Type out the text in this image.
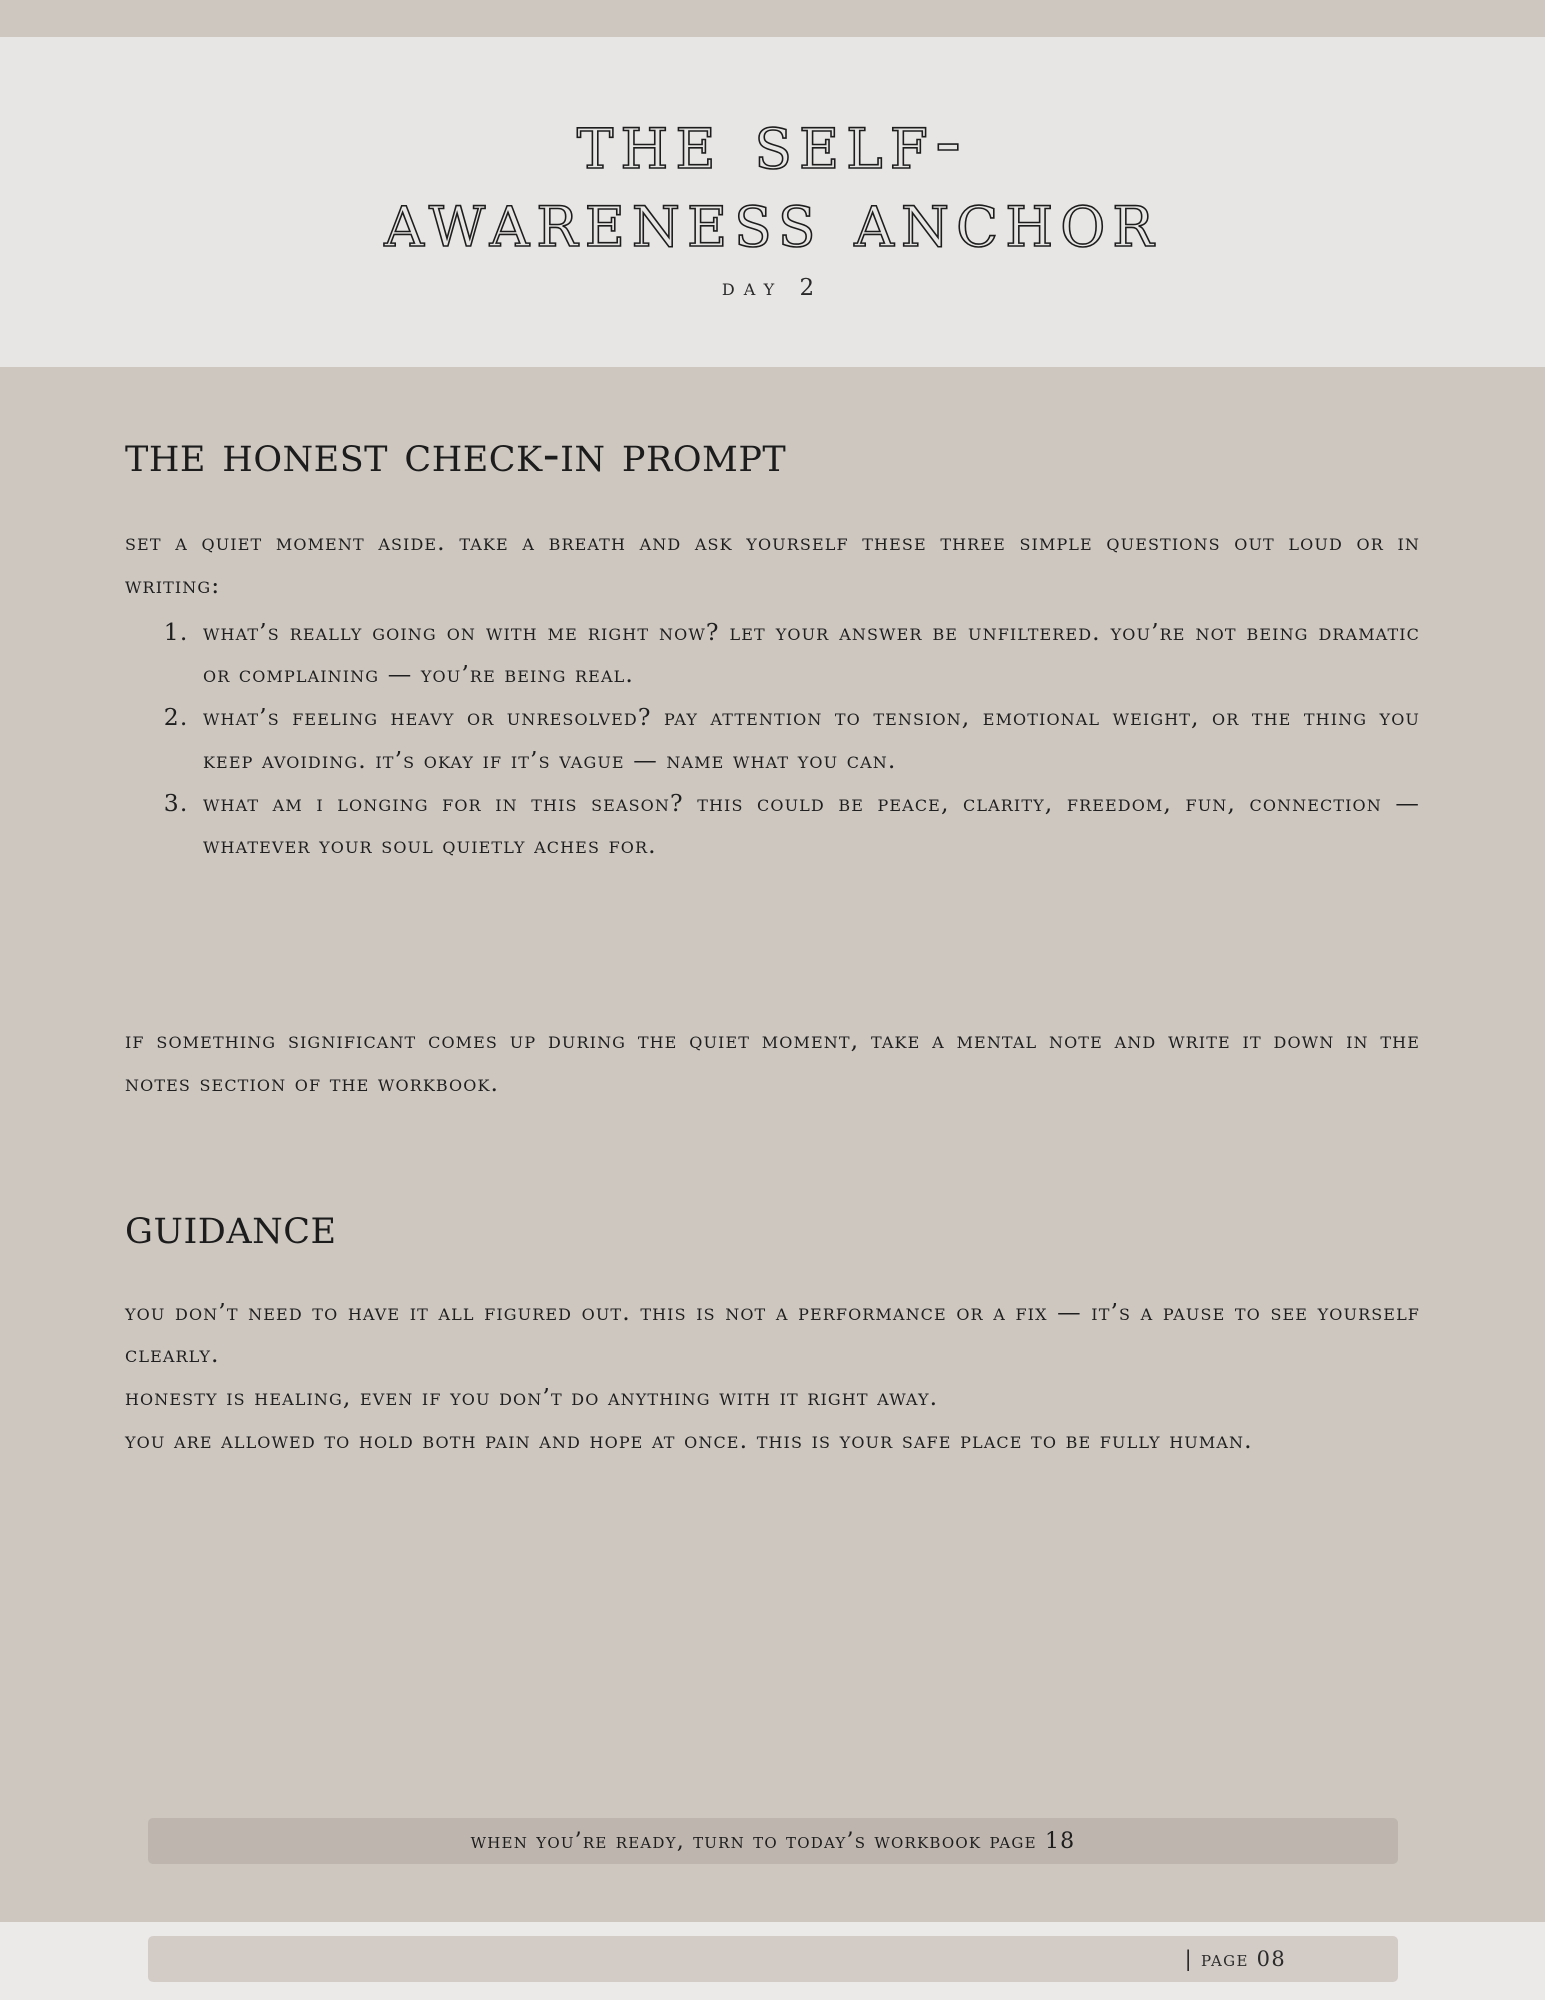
the self-
awareness anchor
day 2
the honest check-in prompt

set a quiet moment aside. take a breath and ask yourself these three simple questions out loud or in writing:

1. what’s really going on with me right now? let your answer be unfiltered. you’re not being dramatic or complaining — you’re being real.
2. what’s feeling heavy or unresolved? pay attention to tension, emotional weight, or the thing you keep avoiding. it’s okay if it’s vague — name what you can.
3. what am i longing for in this season? this could be peace, clarity, freedom, fun, connection — whatever your soul quietly aches for.

if something significant comes up during the quiet moment, take a mental note and write it down in the notes section of the workbook.

guidance

you don’t need to have it all figured out. this is not a performance or a fix — it’s a pause to see yourself clearly.

honesty is healing, even if you don’t do anything with it right away.

you are allowed to hold both pain and hope at once. this is your safe place to be fully human.

when you’re ready, turn to today’s workbook page 18
| page 08
